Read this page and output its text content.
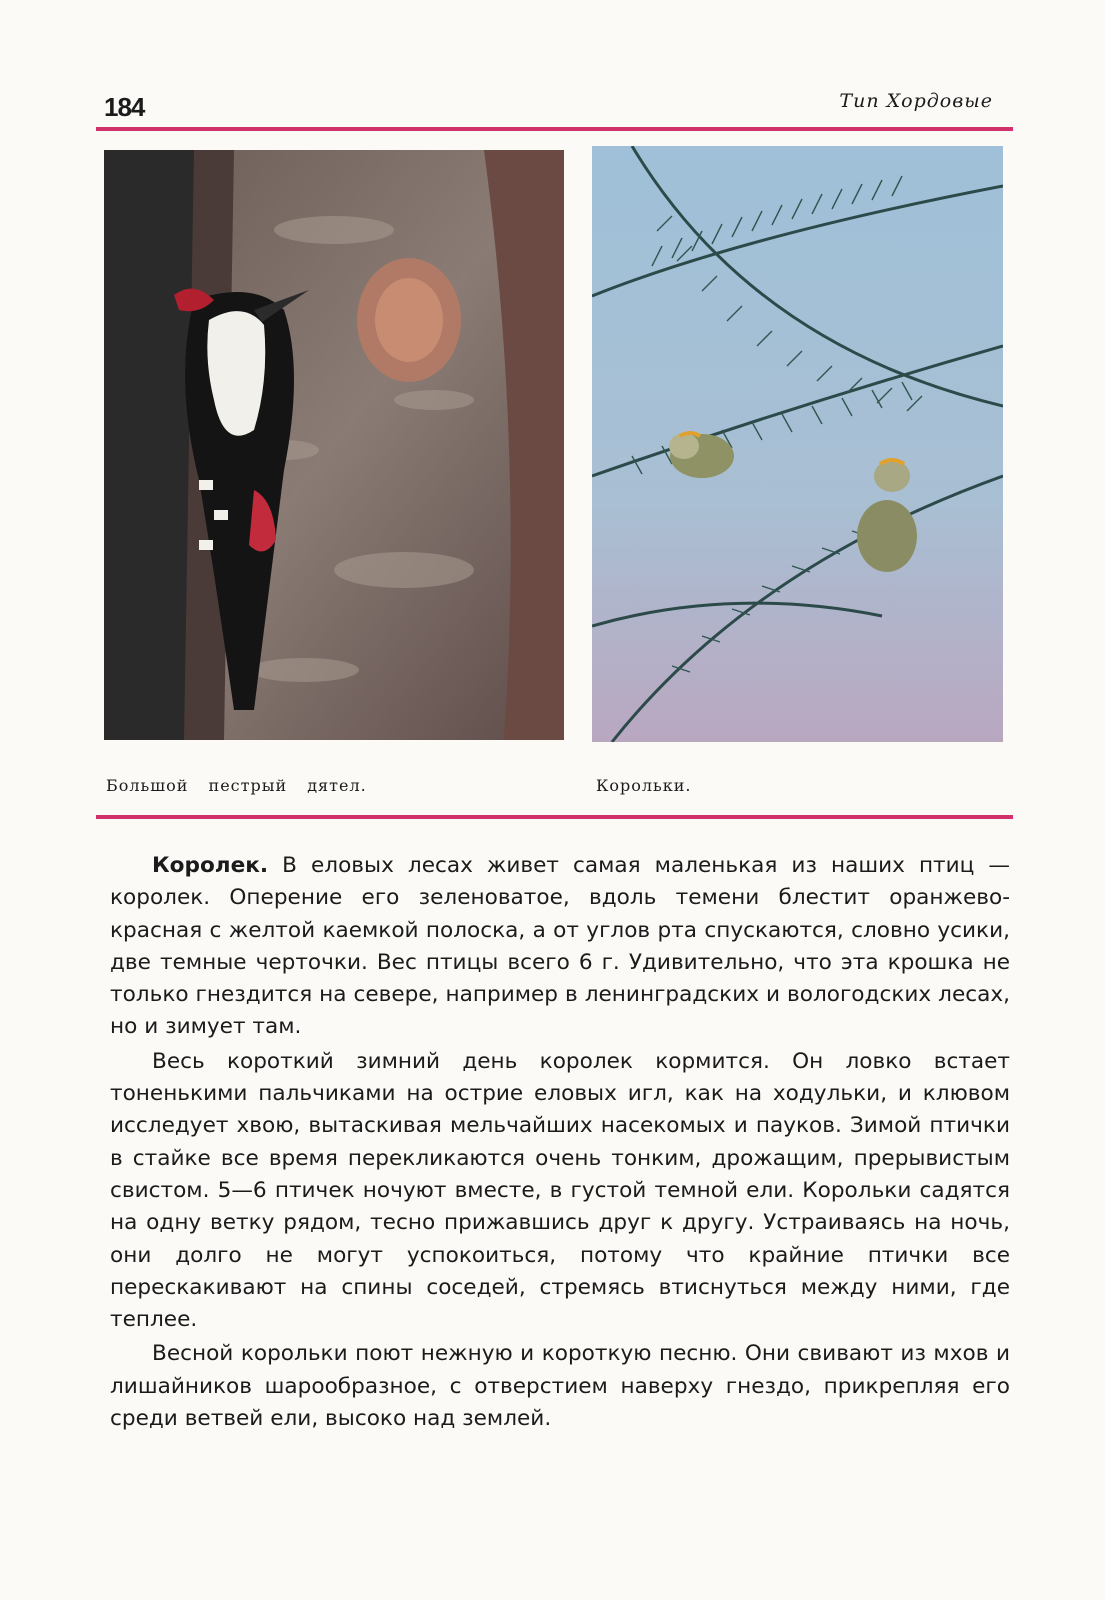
184	Тип Хордовые
Большой пестрый дятел.	Корольки.

Королек. В еловых лесах живет самая маленькая из наших птиц — королек. Оперение его зеленоватое, вдоль темени блестит оранжево-красная с желтой каемкой полоска, а от углов рта спускаются, словно усики, две темные черточки. Вес птицы всего 6 г. Удивительно, что эта крошка не только гнездится на севере, например в ленинградских и вологодских лесах, но и зимует там.

Весь короткий зимний день королек кормится. Он ловко встает тоненькими пальчиками на острие еловых игл, как на ходульки, и клювом исследует хвою, вытаскивая мельчайших насекомых и пауков. Зимой птички в стайке все время перекликаются очень тонким, дрожащим, прерывистым свистом. 5—6 птичек ночуют вместе, в густой темной ели. Корольки садятся на одну ветку рядом, тесно прижавшись друг к другу. Устраиваясь на ночь, они долго не могут успокоиться, потому что крайние птички все перескакивают на спины соседей, стремясь втиснуться между ними, где теплее.

Весной корольки поют нежную и короткую песню. Они свивают из мхов и лишайников шарообразное, с отверстием наверху гнездо, прикрепляя его среди ветвей ели, высоко над землей.
